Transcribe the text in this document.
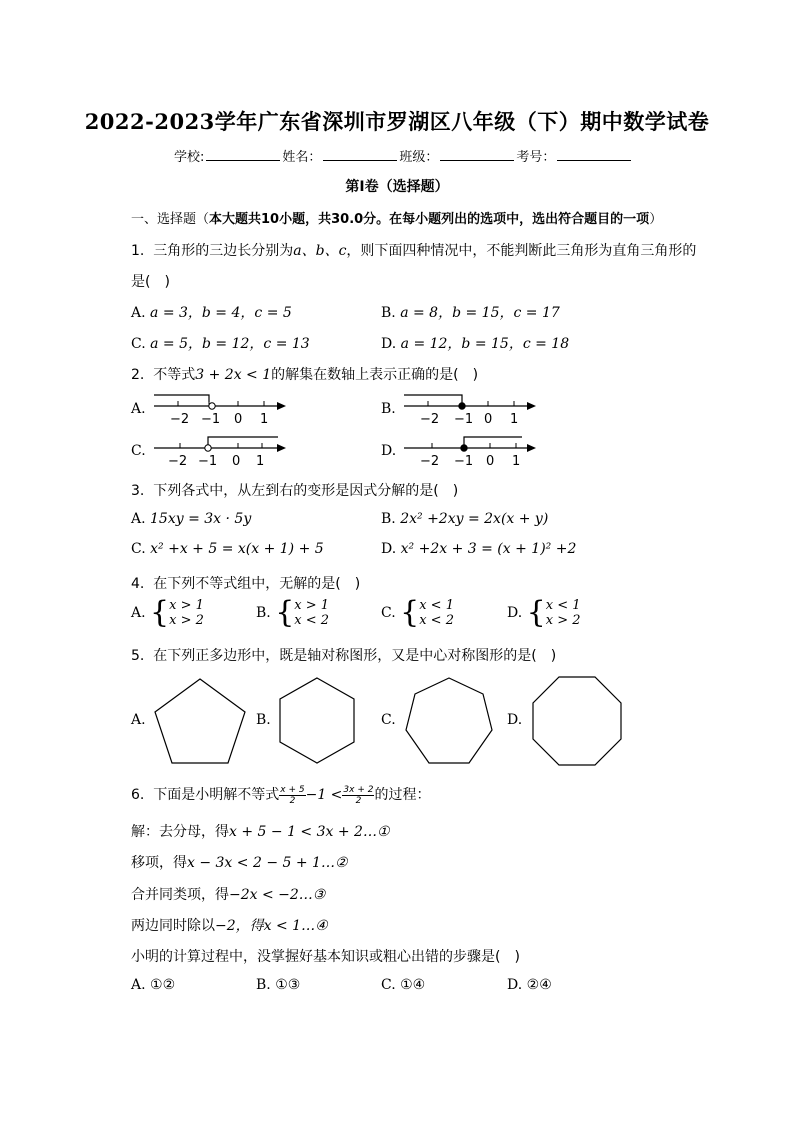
2022-2023学年广东省深圳市罗湖区八年级（下）期中数学试卷
学校:	姓名：	班级：	考号：
第Ⅰ卷（选择题）
一、选择题（本大题共10小题，共30.0分。在每小题列出的选项中，选出符合题目的一项）
1. 三角形的三边长分别为a、b、c，则下面四种情况中，不能判断此三角形为直角三角形的
是(　)
A. a = 3，b = 4，c = 5	B. a = 8，b = 15，c = 17
C. a = 5，b = 12，c = 13	D. a = 12，b = 15，c = 18
2. 不等式3 + 2x < 1的解集在数轴上表示正确的是(　)
A.
−2 −1 0 1
B.
−2 −1 0 1
C.
−2 −1 0 1
D.
−2 −1 0 1
3. 下列各式中，从左到右的变形是因式分解的是(　)
A. 15xy = 3x · 5y	B. 2x² +2xy = 2x(x + y)
C. x² +x + 5 = x(x + 1) + 5	D. x² +2x + 3 = (x + 1)² +2
4. 在下列不等式组中，无解的是(　)
A. { x > 1
x > 2	B. { x > 1
x < 2	C. { x < 1
x < 2	D. { x < 1
x > 2
5. 在下列正多边形中，既是轴对称图形，又是中心对称图形的是(　)
A.	B.	C.	D.
6. 下面是小明解不等式 $\frac{x + 5}{2} -1 < \frac{3x + 2}{2}$ 的过程：
解：去分母，得x + 5 − 1 < 3x + 2…①
移项，得x − 3x < 2 − 5 + 1…②
合并同类项，得−2x < −2…③
两边同时除以−2，得x < 1…④
小明的计算过程中，没掌握好基本知识或粗心出错的步骤是(　)
A. ①②	B. ①③	C. ①④	D. ②④
